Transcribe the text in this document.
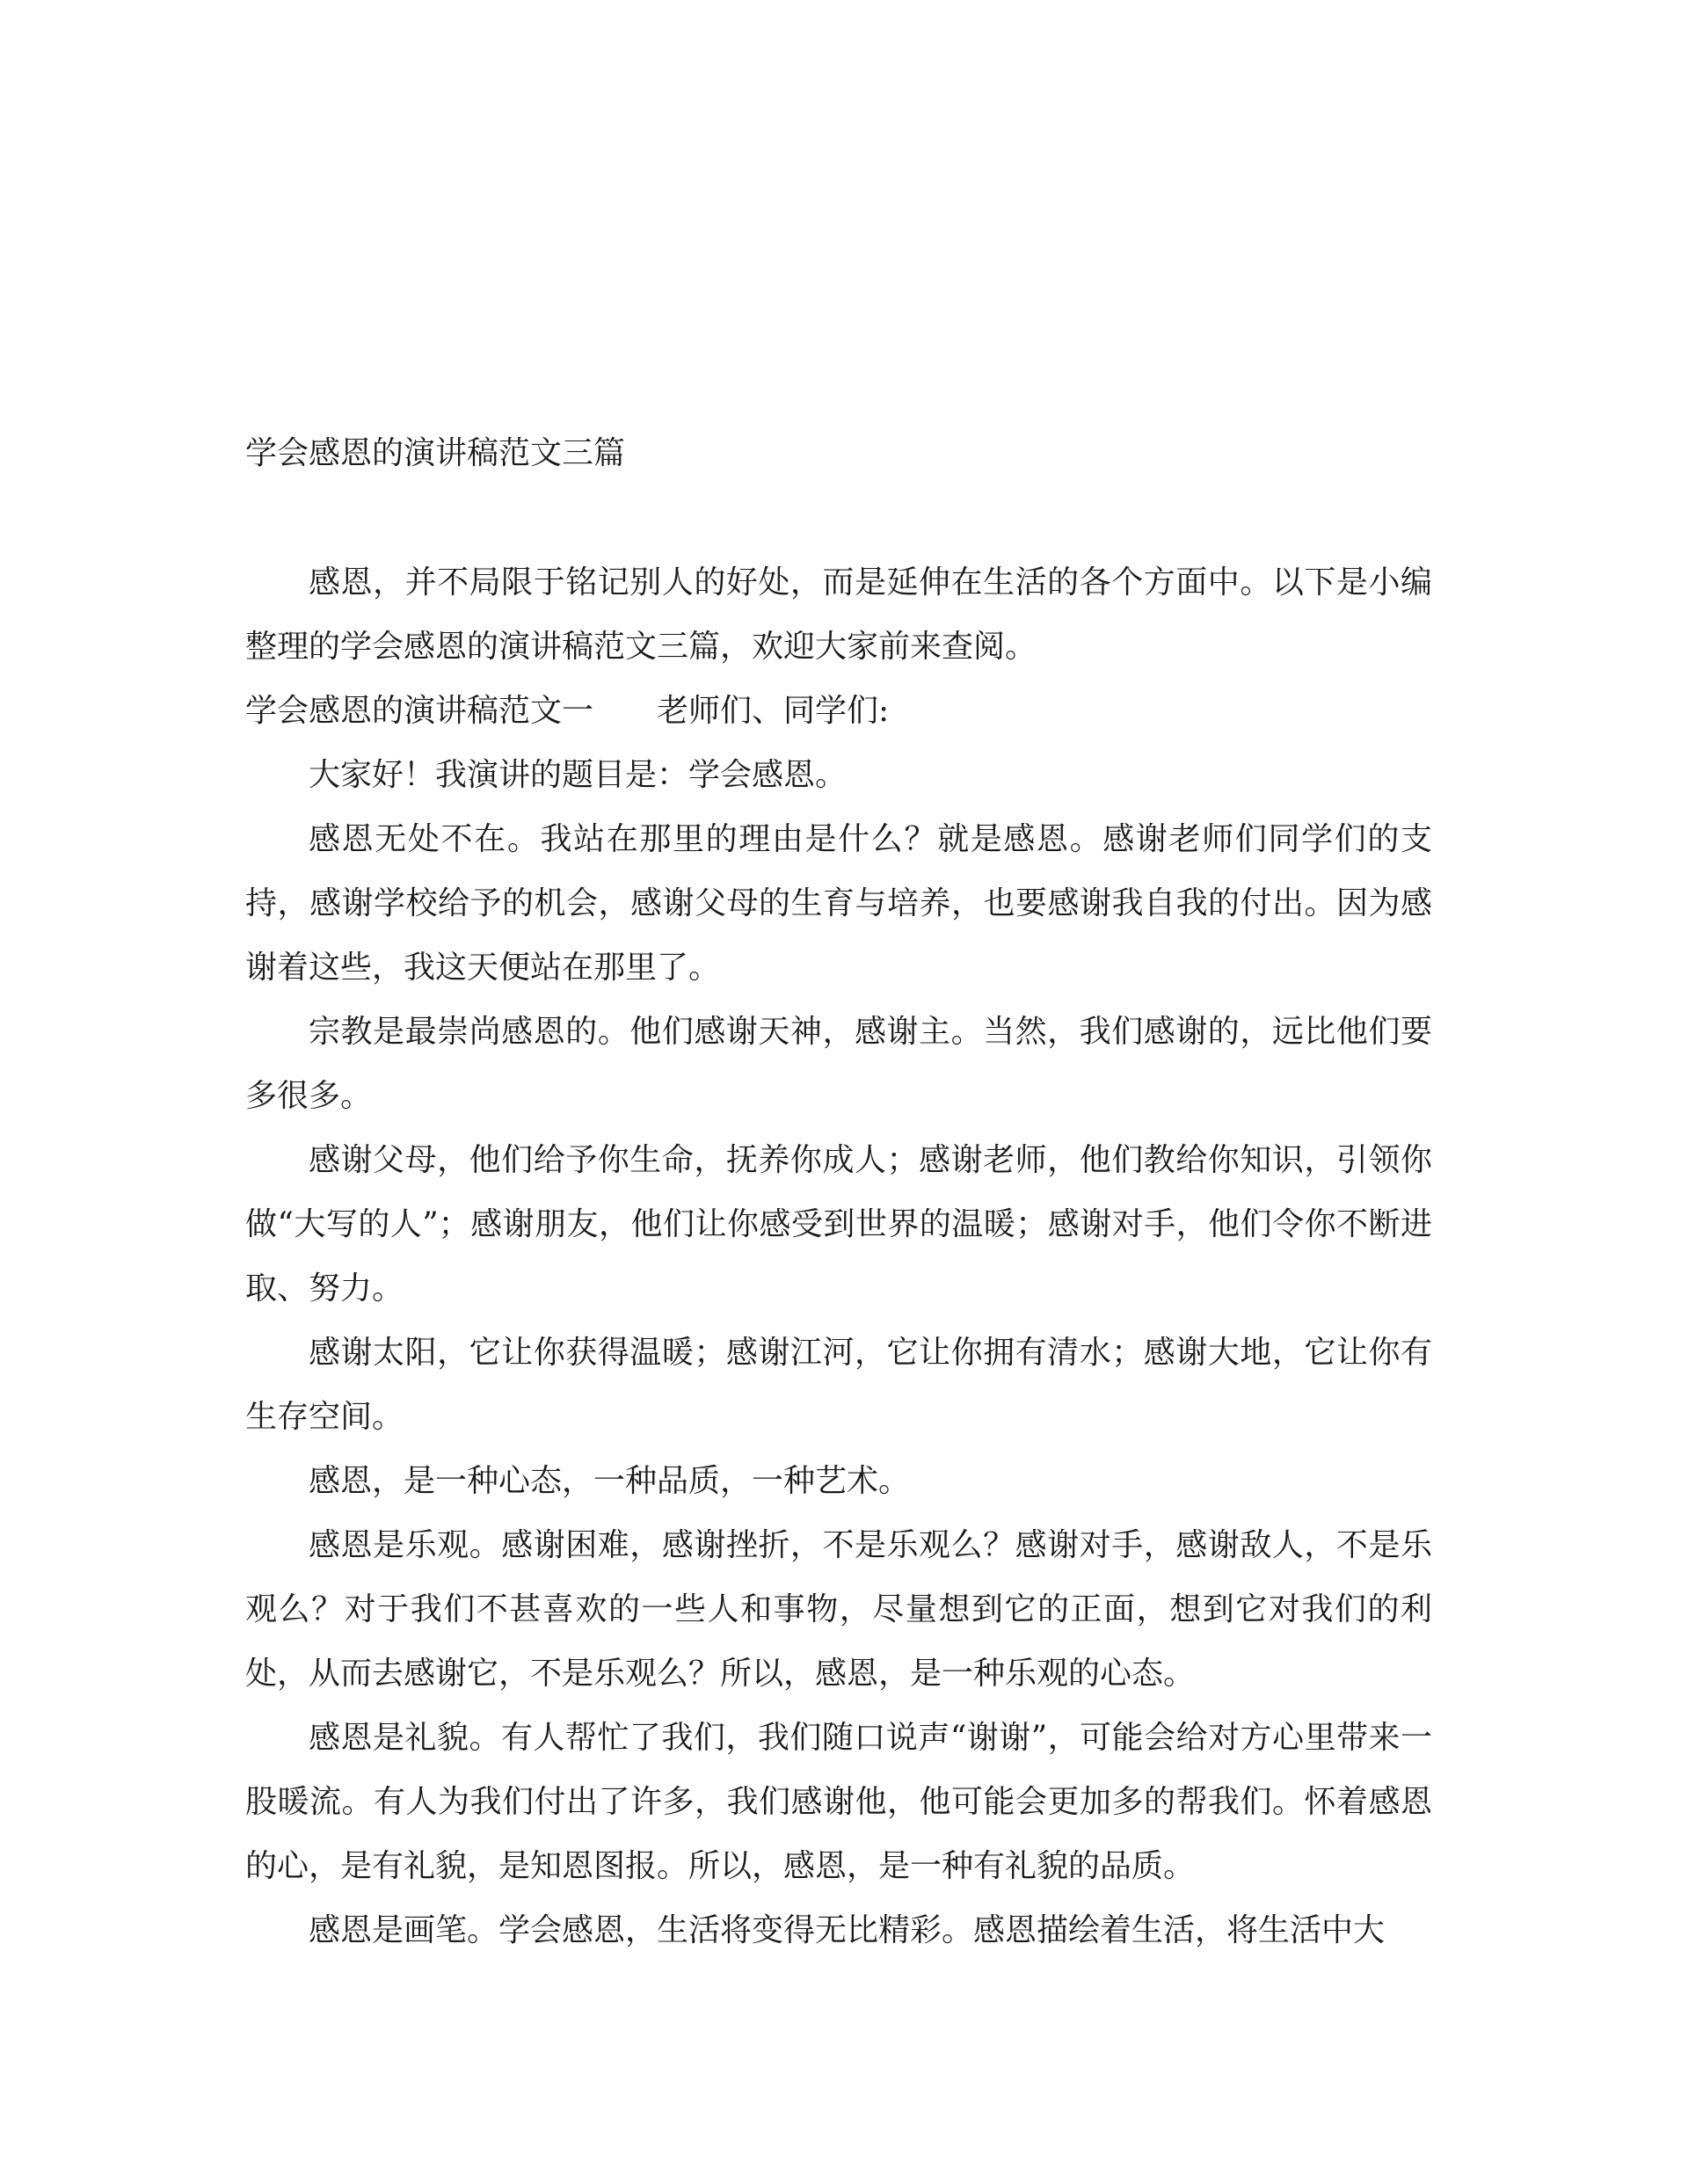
学会感恩的演讲稿范文三篇

感恩，并不局限于铭记别人的好处，而是延伸在生活的各个方面中。以下是小编整理的学会感恩的演讲稿范文三篇，欢迎大家前来查阅。

学会感恩的演讲稿范文一 老师们、同学们:

大家好！我演讲的题目是：学会感恩。

感恩无处不在。我站在那里的理由是什么？就是感恩。感谢老师们同学们的支持，感谢学校给予的机会，感谢父母的生育与培养，也要感谢我自我的付出。因为感谢着这些，我这天便站在那里了。

宗教是最崇尚感恩的。他们感谢天神，感谢主。当然，我们感谢的，远比他们要多很多。

感谢父母，他们给予你生命，抚养你成人；感谢老师，他们教给你知识，引领你做“大写的人”；感谢朋友，他们让你感受到世界的温暖；感谢对手，他们令你不断进取、努力。

感谢太阳，它让你获得温暖；感谢江河，它让你拥有清水；感谢大地，它让你有生存空间。

感恩，是一种心态，一种品质，一种艺术。

感恩是乐观。感谢困难，感谢挫折，不是乐观么？感谢对手，感谢敌人，不是乐观么？对于我们不甚喜欢的一些人和事物，尽量想到它的正面，想到它对我们的利处，从而去感谢它，不是乐观么？所以，感恩，是一种乐观的心态。

感恩是礼貌。有人帮忙了我们，我们随口说声“谢谢”，可能会给对方心里带来一股暖流。有人为我们付出了许多，我们感谢他，他可能会更加多的帮我们。怀着感恩的心，是有礼貌，是知恩图报。所以，感恩，是一种有礼貌的品质。

感恩是画笔。学会感恩，生活将变得无比精彩。感恩描绘着生活，将生活中大
